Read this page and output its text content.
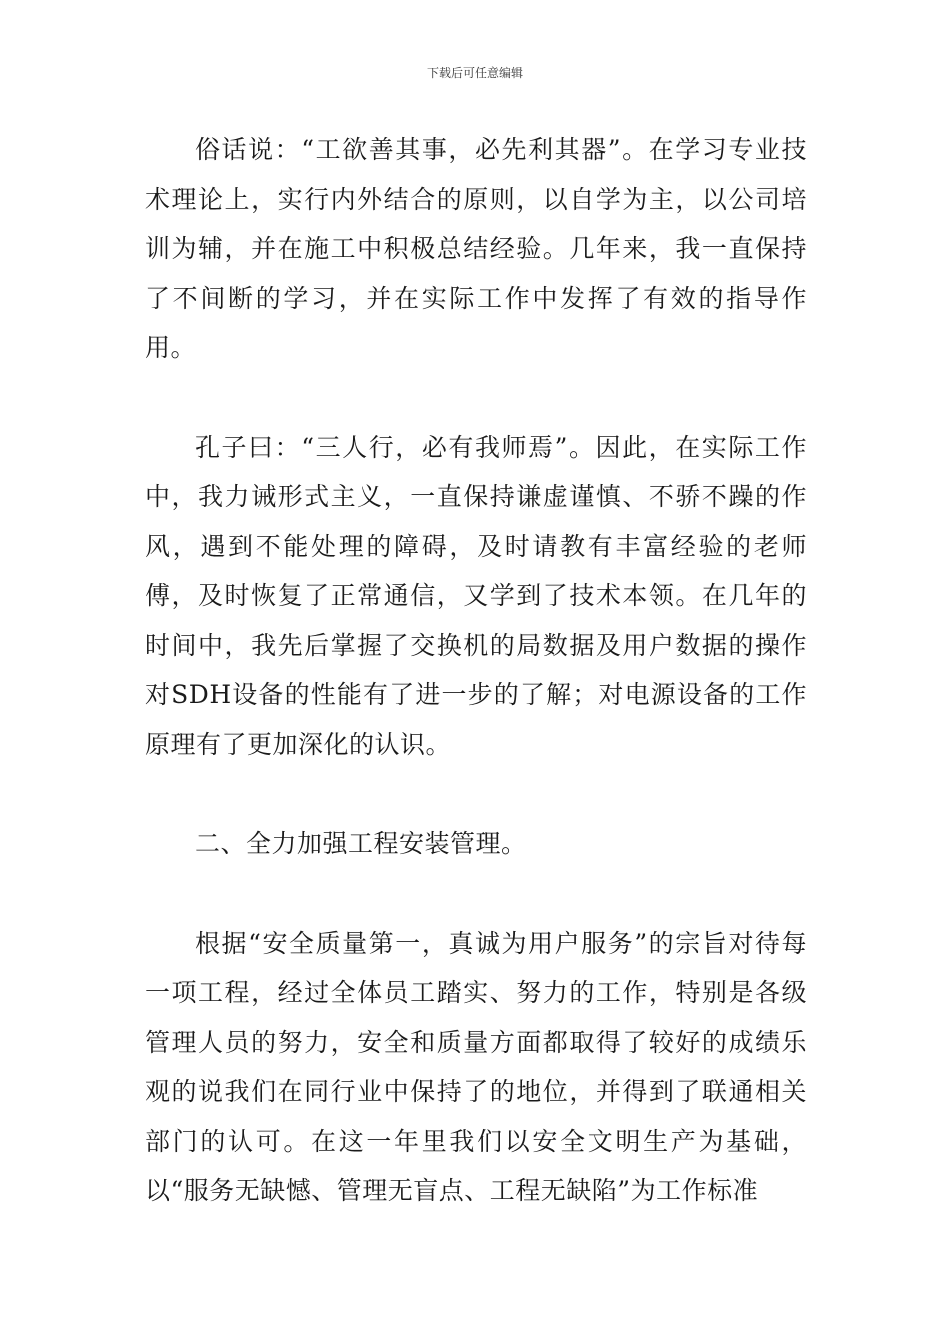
下载后可任意编辑

俗话说：“工欲善其事，必先利其器”。在学习专业技术理论上，实行内外结合的原则，以自学为主，以公司培训为辅，并在施工中积极总结经验。几年来，我一直保持了不间断的学习，并在实际工作中发挥了有效的指导作用。

孔子曰：“三人行，必有我师焉”。因此，在实际工作中，我力诫形式主义，一直保持谦虚谨慎、不骄不躁的作风，遇到不能处理的障碍，及时请教有丰富经验的老师傅，及时恢复了正常通信，又学到了技术本领。在几年的时间中，我先后掌握了交换机的局数据及用户数据的操作对SDH设备的性能有了进一步的了解；对电源设备的工作原理有了更加深化的认识。

二、全力加强工程安装管理。

根据“安全质量第一，真诚为用户服务”的宗旨对待每一项工程，经过全体员工踏实、努力的工作，特别是各级管理人员的努力，安全和质量方面都取得了较好的成绩乐观的说我们在同行业中保持了的地位，并得到了联通相关部门的认可。在这一年里我们以安全文明生产为基础，以“服务无缺憾、管理无盲点、工程无缺陷”为工作标准
